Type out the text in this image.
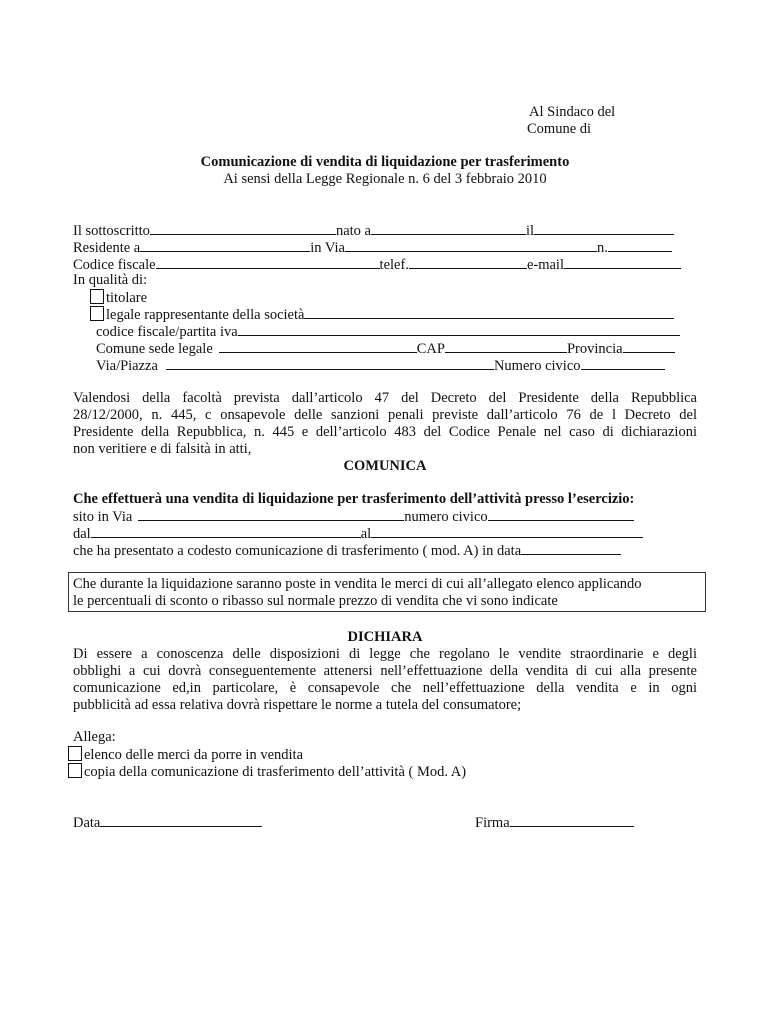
Al Sindaco del
Comune di
Comunicazione di vendita di liquidazione per trasferimento
Ai sensi della Legge Regionale n. 6 del 3 febbraio 2010
Il sottoscritto	nato a	il
Residente a	in Via	n.
Codice fiscale	telef.	e-mail
In qualità di:
titolare
legale rappresentante della società
codice fiscale/partita iva
Comune sede legale	CAP	Provincia
Via/Piazza	Numero civico
Valendosi della facoltà prevista dall’articolo 47 del Decreto del Presidente della Repubblica
28/12/2000, n. 445, c onsapevole delle sanzioni penali previste dall’articolo 76 de l Decreto del
Presidente della Repubblica, n. 445 e dell’articolo 483 del Codice Penale nel caso di dichiarazioni
non veritiere e di falsità in atti,
COMUNICA
Che effettuerà una vendita di liquidazione per trasferimento dell’attività presso l’esercizio:
sito in Via	numero civico
dal	al
che ha presentato a codesto comunicazione di trasferimento ( mod. A) in data
Che durante la liquidazione saranno poste in vendita le merci di cui all’allegato elenco applicando
le percentuali di sconto o ribasso sul normale prezzo di vendita che vi sono indicate
DICHIARA
Di essere a conoscenza delle disposizioni di legge che regolano le vendite straordinarie e degli
obblighi a cui dovrà conseguentemente attenersi nell’effettuazione della vendita di cui alla presente
comunicazione ed,in particolare, è consapevole che nell’effettuazione della vendita e in ogni
pubblicità ad essa relativa dovrà rispettare le norme a tutela del consumatore;
Allega:
elenco delle merci da porre in vendita
copia della comunicazione di trasferimento dell’attività ( Mod. A)
Data	Firma
